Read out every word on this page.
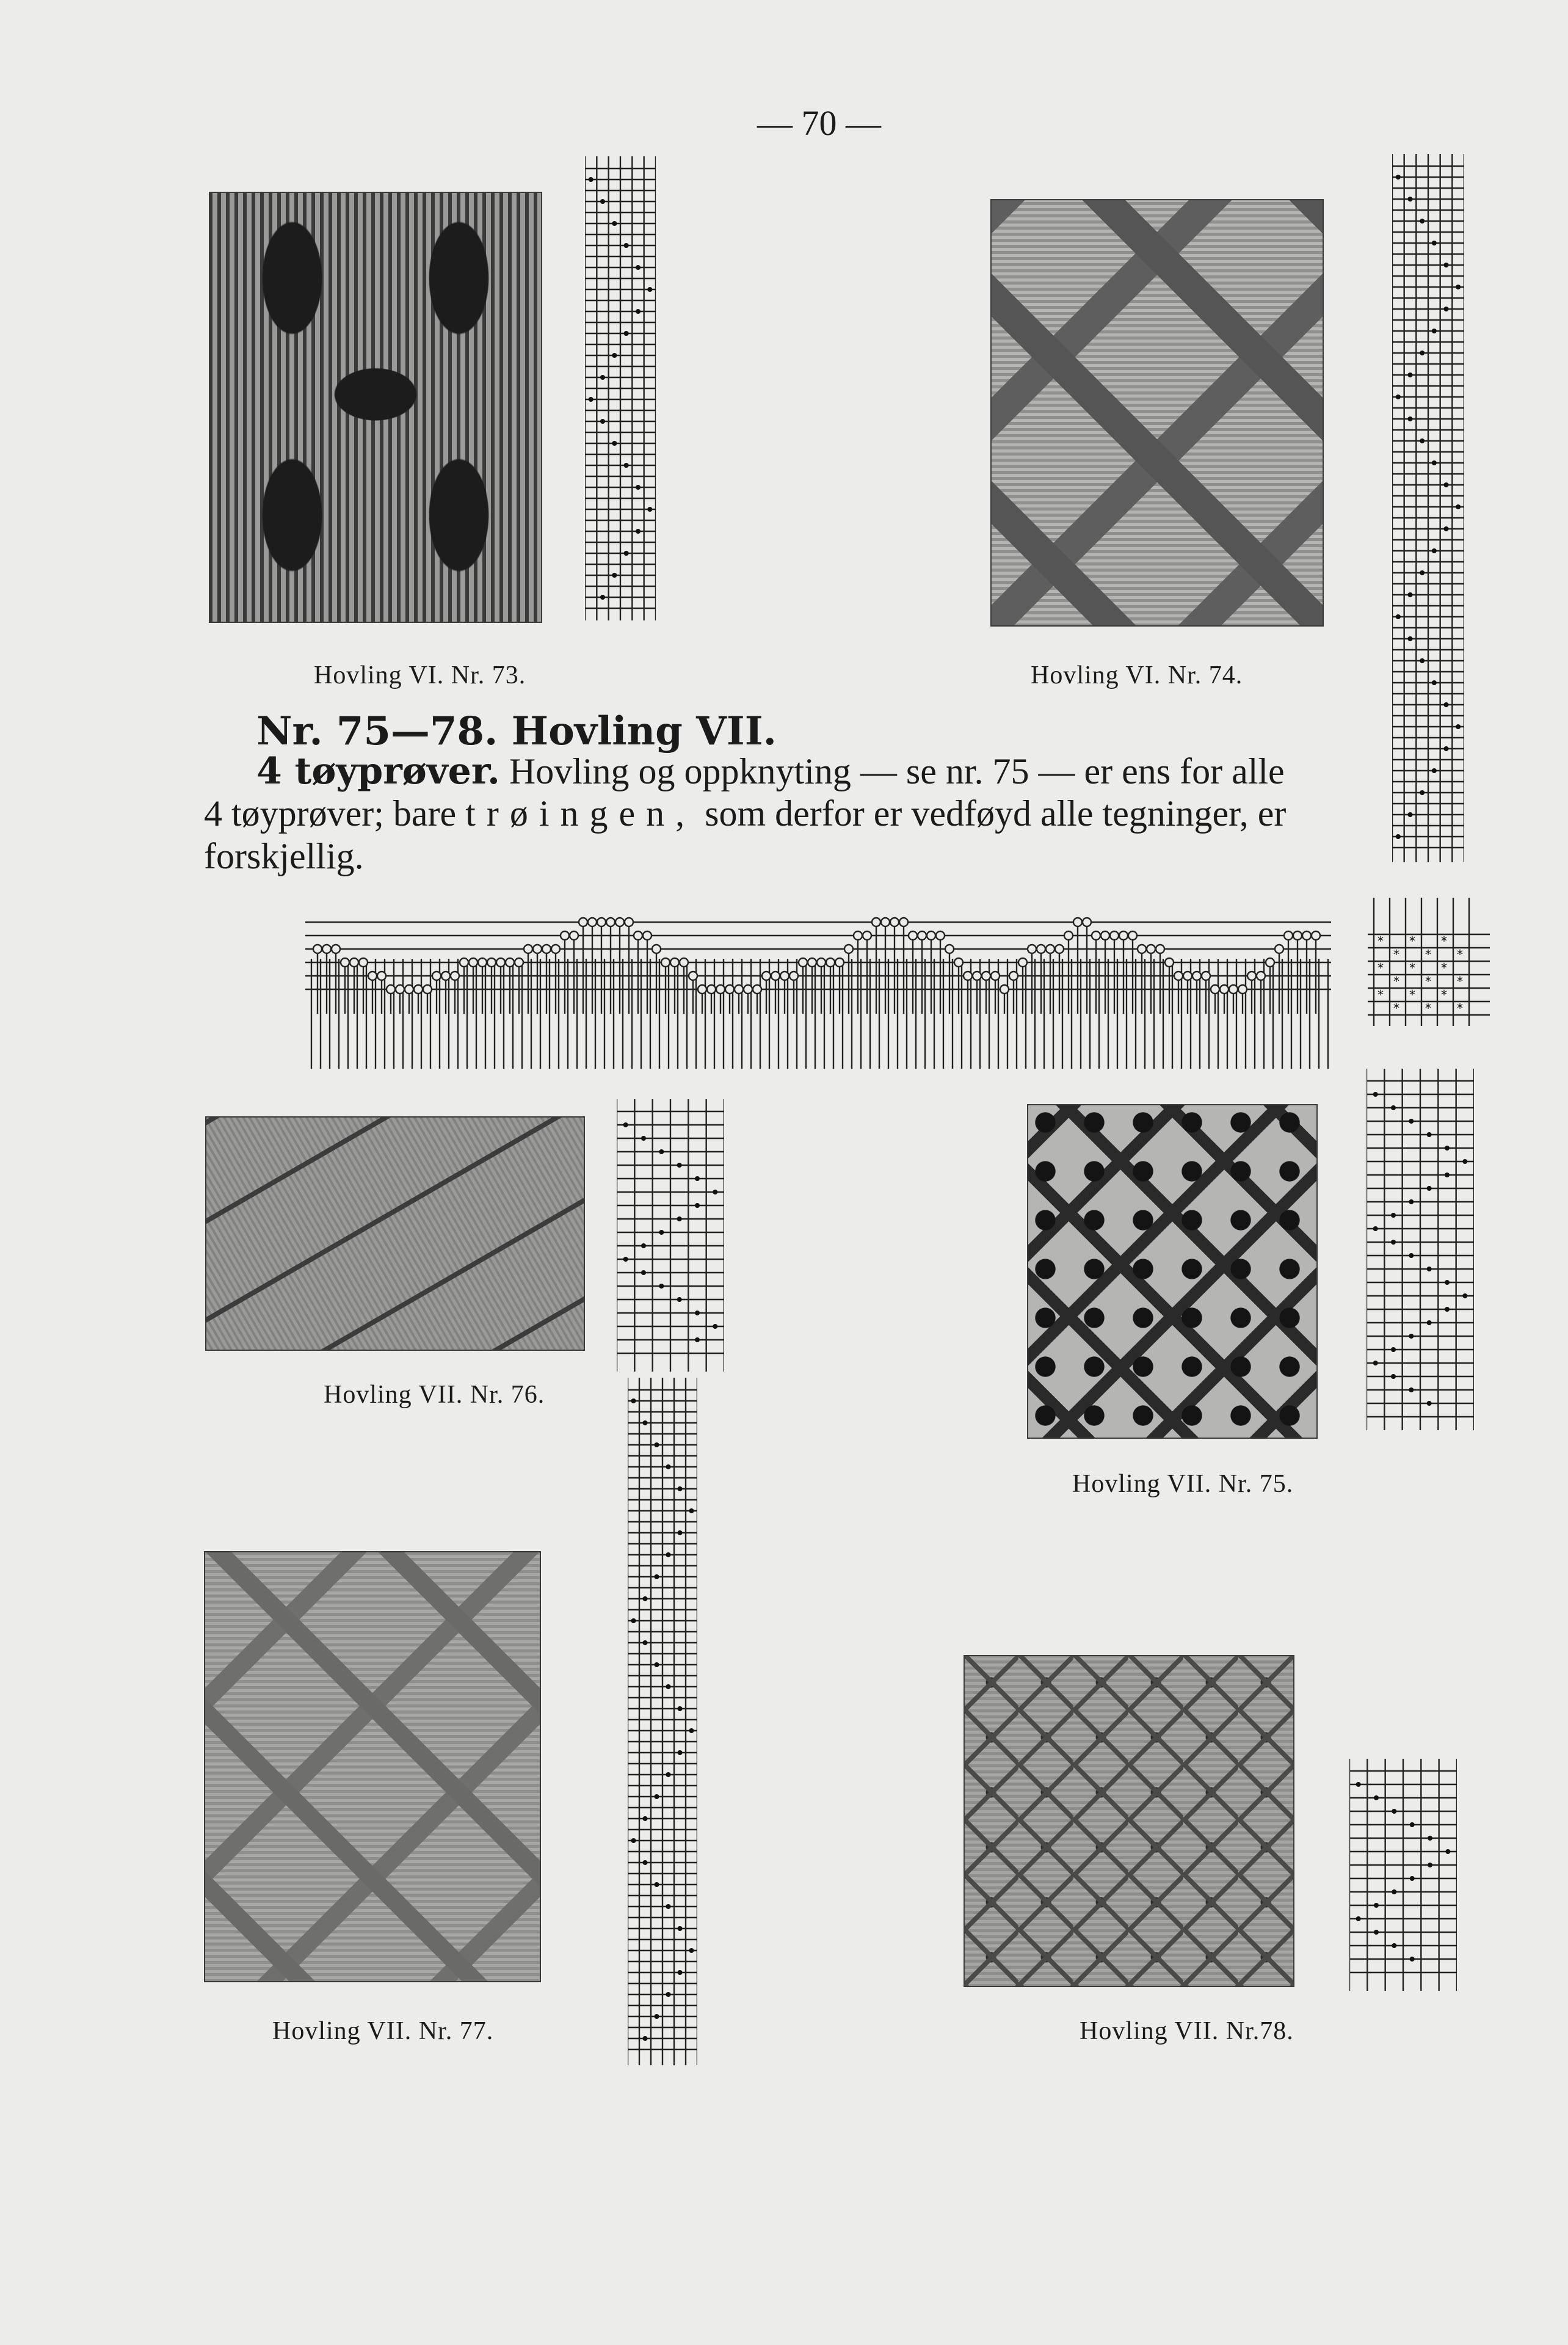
— 70 —
Hovling VI. Nr. 73.	Hovling VI. Nr. 74.
Nr. 75—78. Hovling VII.
4 tøyprøver. Hovling og oppknyting — se nr. 75 — er ens for alle
4 tøyprøver; bare trøingen, som derfor er vedføyd alle tegninger, er
forskjellig.
* * *
* * *
* * *
* * *
* * *
* * *
Hovling VII. Nr. 76.
Hovling VII. Nr. 75.
Hovling VII. Nr. 77.	Hovling VII. Nr.78.
